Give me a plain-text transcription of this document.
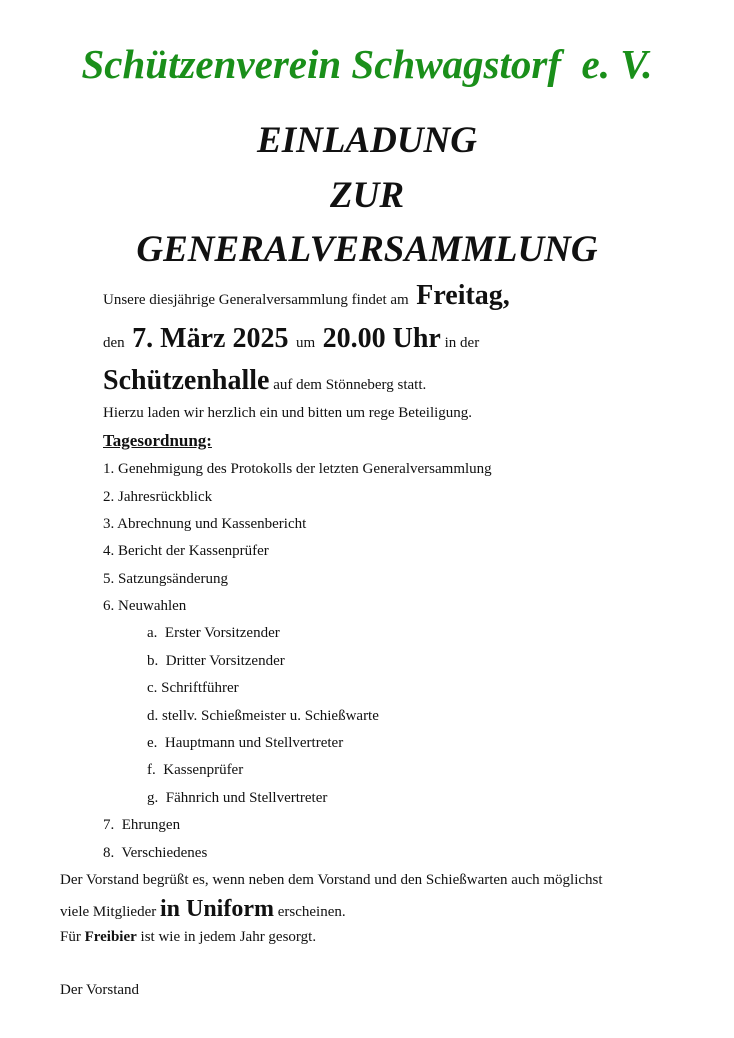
Schützenverein Schwagstorf  e. V.
EINLADUNG
ZUR
GENERALVERSAMMLUNG
Unsere diesjährige Generalversammlung findet am Freitag,
den 7. März 2025 um 20.00 Uhr in der
Schützenhalle auf dem Stönneberg statt.
Hierzu laden wir herzlich ein und bitten um rege Beteiligung.
Tagesordnung:
1. Genehmigung des Protokolls der letzten Generalversammlung
2. Jahresrückblick
3. Abrechnung und Kassenbericht
4. Bericht der Kassenprüfer
5. Satzungsänderung
6. Neuwahlen
a.  Erster Vorsitzender
b.  Dritter Vorsitzender
c. Schriftführer
d. stellv. Schießmeister u. Schießwarte
e.  Hauptmann und Stellvertreter
f.  Kassenprüfer
g.  Fähnrich und Stellvertreter
7.  Ehrungen
8.  Verschiedenes
Der Vorstand begrüßt es, wenn neben dem Vorstand und den Schießwarten auch möglichst
viele Mitglieder in Uniform erscheinen.
Für Freibier ist wie in jedem Jahr gesorgt.
Der Vorstand
